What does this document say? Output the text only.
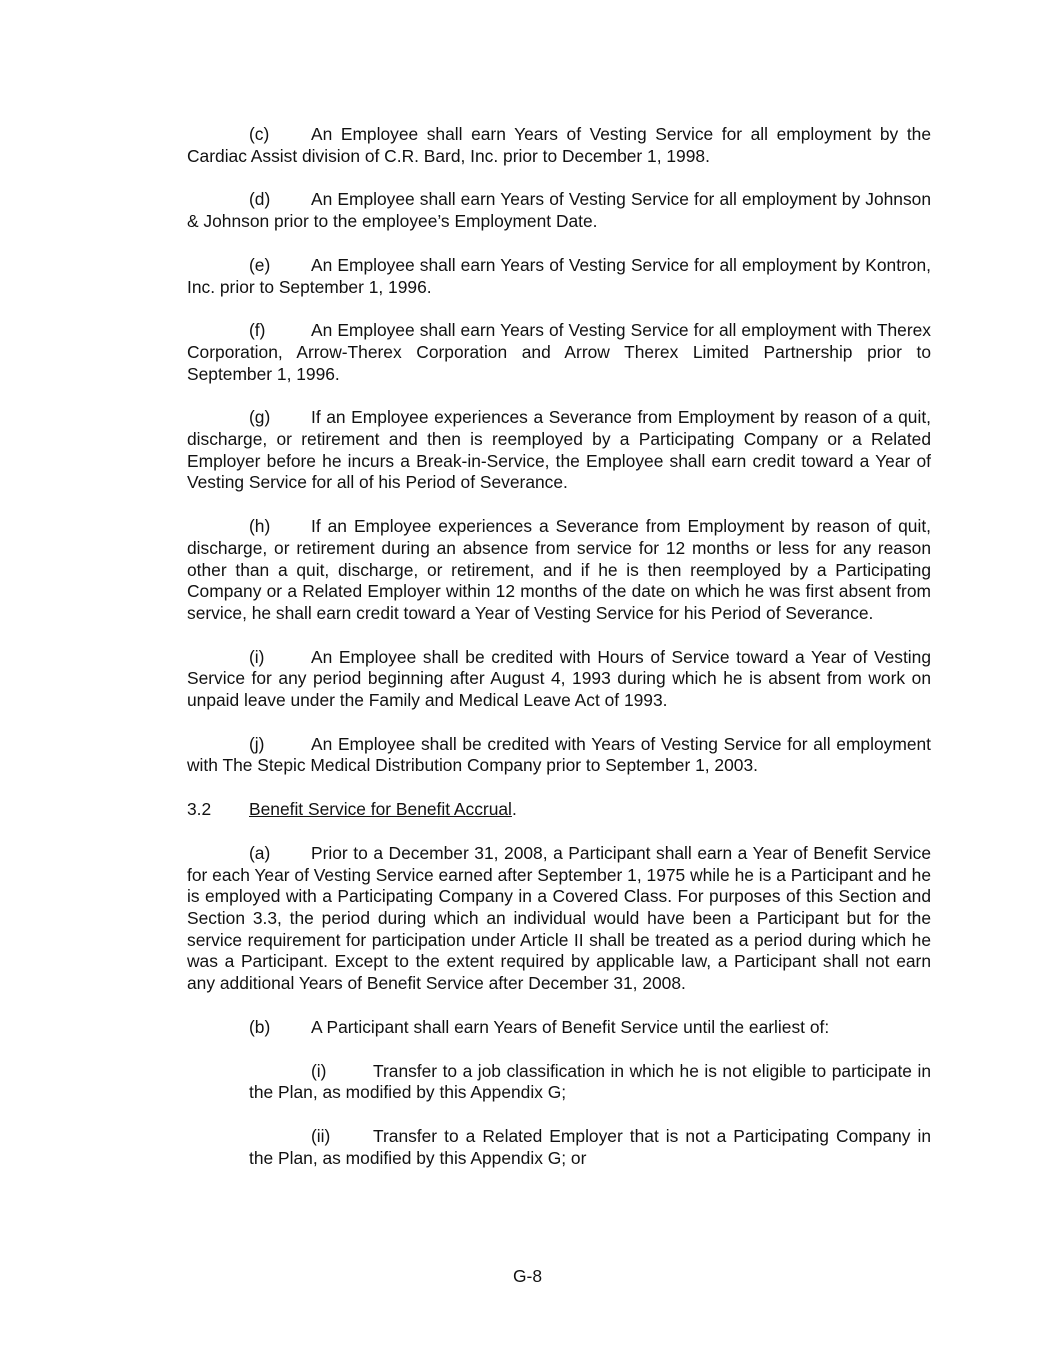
(c) An Employee shall earn Years of Vesting Service for all employment by the Cardiac Assist division of C.R. Bard, Inc. prior to December 1, 1998.

(d) An Employee shall earn Years of Vesting Service for all employment by Johnson & Johnson prior to the employee’s Employment Date.

(e) An Employee shall earn Years of Vesting Service for all employment by Kontron, Inc. prior to September 1, 1996.

(f)	An Employee shall earn Years of Vesting Service for all employment with Therex Corporation, Arrow-Therex Corporation and Arrow Therex Limited Partnership prior to September 1, 1996.

(g) If an Employee experiences a Severance from Employment by reason of a quit, discharge, or retirement and then is reemployed by a Participating Company or a Related Employer before he incurs a Break-in-Service, the Employee shall earn credit toward a Year of Vesting Service for all of his Period of Severance.

(h) If an Employee experiences a Severance from Employment by reason of quit, discharge, or retirement during an absence from service for 12 months or less for any reason other than a quit, discharge, or retirement, and if he is then reemployed by a Participating Company or a Related Employer within 12 months of the date on which he was first absent from service, he shall earn credit toward a Year of Vesting Service for his Period of Severance.

(i)	An Employee shall be credited with Hours of Service toward a Year of Vesting Service for any period beginning after August 4, 1993 during which he is absent from work on unpaid leave under the Family and Medical Leave Act of 1993.

(j)	An Employee shall be credited with Years of Vesting Service for all employment with The Stepic Medical Distribution Company prior to September 1, 2003.

3.2 Benefit Service for Benefit Accrual.

(a) Prior to a December 31, 2008, a Participant shall earn a Year of Benefit Service for each Year of Vesting Service earned after September 1, 1975 while he is a Participant and he is employed with a Participating Company in a Covered Class. For purposes of this Section and Section 3.3, the period during which an individual would have been a Participant but for the service requirement for participation under Article II shall be treated as a period during which he was a Participant. Except to the extent required by applicable law, a Participant shall not earn any additional Years of Benefit Service after December 31, 2008.

(b) A Participant shall earn Years of Benefit Service until the earliest of:

(i)	Transfer to a job classification in which he is not eligible to participate in the Plan, as modified by this Appendix G;

(ii) Transfer to a Related Employer that is not a Participating Company in the Plan, as modified by this Appendix G; or

G-8
